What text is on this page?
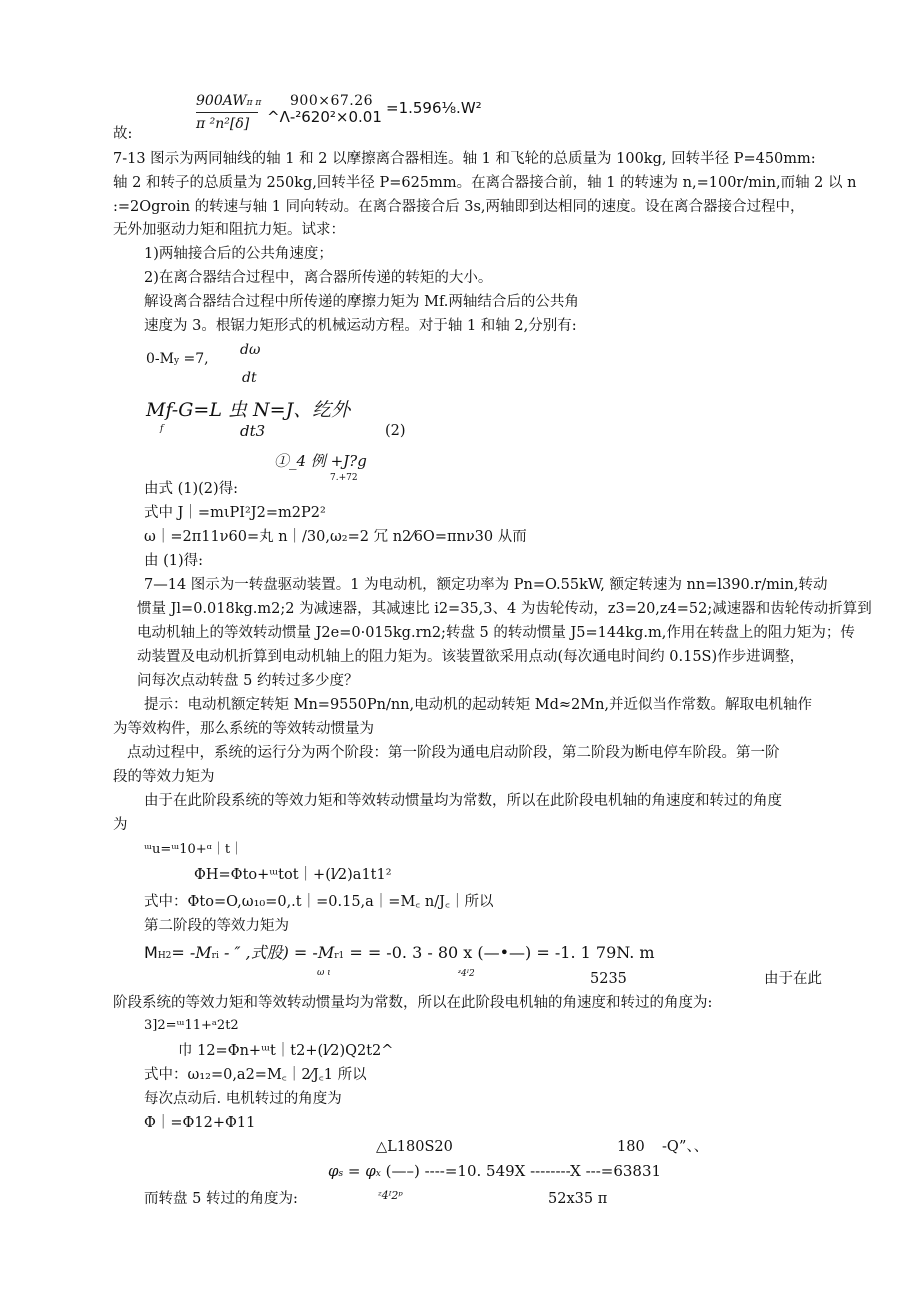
900AWπ π
π ²n²[δ]
900×67.26
^Λ-²620²×0.01 =1.596⅛.W²
故:
7-13 图示为两同轴线的轴 1 和 2 以摩擦离合器相连。轴 1 和飞轮的总质量为 100kg, 回转半径 P=450mm:
轴 2 和转子的总质量为 250kg,回转半径 P=625mm。在离合器接合前，轴 1 的转速为 n,=100r/min,而轴 2 以 n
:=2Ogroin 的转速与轴 1 同向转动。在离合器接合后 3s,两轴即到达相同的速度。设在离合器接合过程中，
无外加驱动力矩和阻抗力矩。试求：
1)两轴接合后的公共角速度；
2)在离合器结合过程中，离合器所传递的转矩的大小。
解设离合器结合过程中所传递的摩擦力矩为 Mf.两轴结合后的公共角
速度为 3。根锯力矩形式的机械运动方程。对于轴 1 和轴 2,分别有:
0-My =7,
dω
dt
Mf-G=L 虫 N=J、纥外
f	dt3	(2)
①_4 例 +J?g
7.+72
由式 (1)(2)得:
式中 J｜=mιPI²J2=m2P2²
ω｜=2π11ν60=丸 n｜/30,ω₂=2 冗 n2⁄6O=πnν30 从而
由 (1)得:
7—14 图示为一转盘驱动装置。1 为电动机，额定功率为 Pn=O.55kW, 额定转速为 nn=l390.r/min,转动
惯量 Jl=0.018kg.m2;2 为减速器，其减速比 i2=35,3、4 为齿轮传动，z3=20,z4=52;减速器和齿轮传动折算到
电动机轴上的等效转动惯量 J2e=0·015kg.rn2;转盘 5 的转动惯量 J5=144kg.m,作用在转盘上的阻力矩为；传
动装置及电动机折算到电动机轴上的阻力矩为。该装置欲采用点动(每次通电时间约 0.15S)作步进调整，
问每次点动转盘 5 约转过多少度？
提示：电动机额定转矩 Mn=9550Pn/nn,电动机的起动转矩 Md≈2Mn,并近似当作常数。解取电机轴作
为等效构件，那么系统的等效转动惯量为
点动过程中，系统的运行分为两个阶段：第一阶段为通电启动阶段，第二阶段为断电停车阶段。第一阶
段的等效力矩为
由于在此阶段系统的等效力矩和等效转动惯量均为常数，所以在此阶段电机轴的角速度和转过的角度
为
ᵚu=ᵚ10+ᵅ｜t｜
ΦH=Φtο+ᵚtot｜+(l⁄2)a1t1²
式中：Φtο=O,ω₁₀=0,.t｜=0.15,a｜=M꜀ n/J꜀｜所以
第二阶段的等效力矩为
MH2= -Mri - ″ ,式股) = -Mr1 = = -0. 3 - 80 x (—•—) = -1. 1 79N. m
ω ι	ᶻ4ᴵ2	5235	由于在此
阶段系统的等效力矩和等效转动惯量均为常数，所以在此阶段电机轴的角速度和转过的角度为:
3]2=ᵚ11+ᵃ2t2
巾 12=Φn+ᵚt｜t2+(l⁄2)Q2t2^
式中：ω₁₂=0,a2=M꜀｜2⁄J꜀1 所以
每次点动后. 电机转过的角度为
Φ｜=Φ12+Φ11
△L180S20	180 -Q”、、
φs = φx (—–) ----=10. 549X --------X ---=63831
而转盘 5 转过的角度为:	ᶻ4ᴵ2ᵖ	52x35 π
